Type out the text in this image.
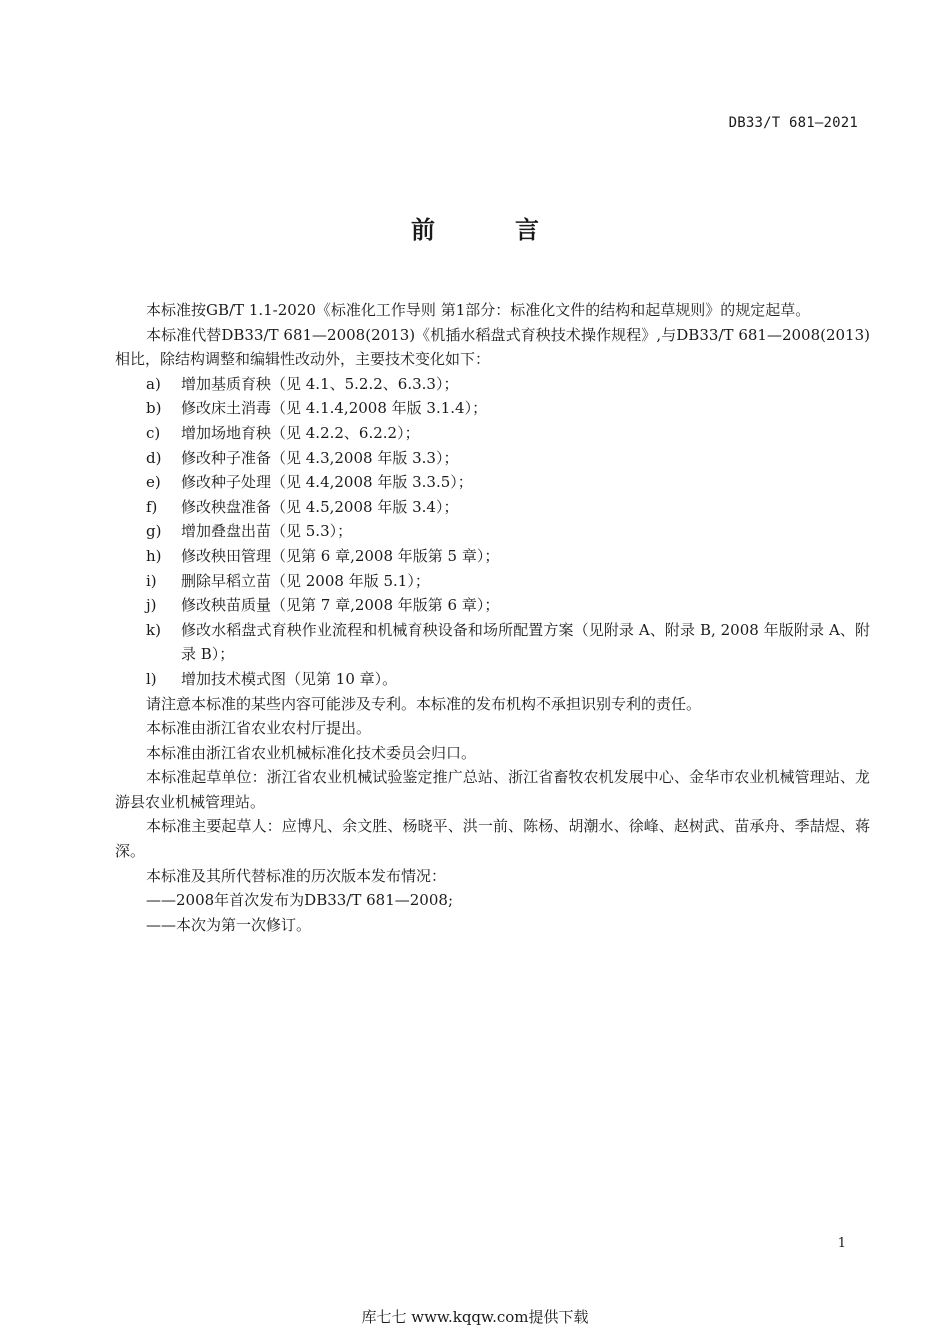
DB33/T 681—2021
前　言

本标准按GB/T 1.1-2020《标准化工作导则 第1部分：标准化文件的结构和起草规则》的规定起草。

本标准代替DB33/T 681—2008(2013)《机插水稻盘式育秧技术操作规程》,与DB33/T 681—2008(2013)相比，除结构调整和编辑性改动外，主要技术变化如下：

a)	增加基质育秧（见 4.1、5.2.2、6.3.3）；
b)	修改床土消毒（见 4.1.4,2008 年版 3.1.4）；
c)	增加场地育秧（见 4.2.2、6.2.2）；
d)	修改种子准备（见 4.3,2008 年版 3.3）；
e)	修改种子处理（见 4.4,2008 年版 3.3.5）；
f)	修改秧盘准备（见 4.5,2008 年版 3.4）；
g)	增加叠盘出苗（见 5.3）；
h)	修改秧田管理（见第 6 章,2008 年版第 5 章）；
i)	删除早稻立苗（见 2008 年版 5.1）；
j)	修改秧苗质量（见第 7 章,2008 年版第 6 章）；
k)	修改水稻盘式育秧作业流程和机械育秧设备和场所配置方案（见附录 A、附录 B, 2008 年版附录 A、附录 B）；
l)	增加技术模式图（见第 10 章）。

请注意本标准的某些内容可能涉及专利。本标准的发布机构不承担识别专利的责任。

本标准由浙江省农业农村厅提出。

本标准由浙江省农业机械标准化技术委员会归口。

本标准起草单位：浙江省农业机械试验鉴定推广总站、浙江省畜牧农机发展中心、金华市农业机械管理站、龙游县农业机械管理站。

本标准主要起草人：应博凡、余文胜、杨晓平、洪一前、陈杨、胡潮水、徐峰、赵树武、苗承舟、季喆煜、蒋深。

本标准及其所代替标准的历次版本发布情况：

——2008年首次发布为DB33/T 681—2008;

——本次为第一次修订。

1
库七七 www.kqqw.com提供下载
